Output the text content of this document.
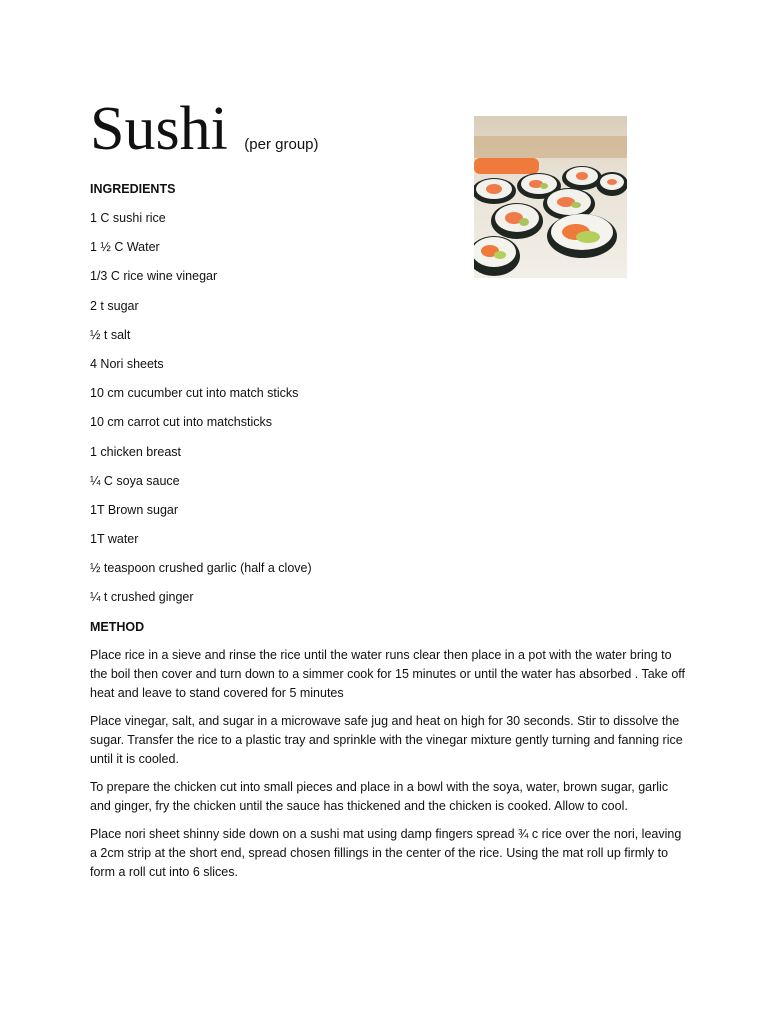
Sushi (per group)
INGREDIENTS
1 C sushi rice
1 ½ C Water
1/3 C rice wine vinegar
2 t sugar
½ t salt
4 Nori sheets
10 cm cucumber cut into match sticks
10 cm carrot cut into matchsticks
1 chicken breast
¼ C soya sauce
1T Brown sugar
1T water
½ teaspoon crushed garlic (half a clove)
¼ t crushed ginger
METHOD

Place rice in a sieve and rinse the rice until the water runs clear then place in a pot with the water bring to the boil then cover and turn down to a simmer cook for 15 minutes or until the water has absorbed . Take off heat and leave to stand covered for 5 minutes

Place vinegar, salt, and sugar in a microwave safe jug and heat on high for 30 seconds. Stir to dissolve the sugar. Transfer the rice to a plastic tray and sprinkle with the vinegar mixture gently turning and fanning rice until it is cooled.

To prepare the chicken cut into small pieces and place in a bowl with the soya, water, brown sugar, garlic and ginger, fry the chicken until the sauce has thickened and the chicken is cooked. Allow to cool.

Place nori sheet shinny side down on a sushi mat using damp fingers spread ¾ c rice over the nori, leaving a 2cm strip at the short end, spread chosen fillings in the center of the rice. Using the mat roll up firmly to form a roll cut into 6 slices.
